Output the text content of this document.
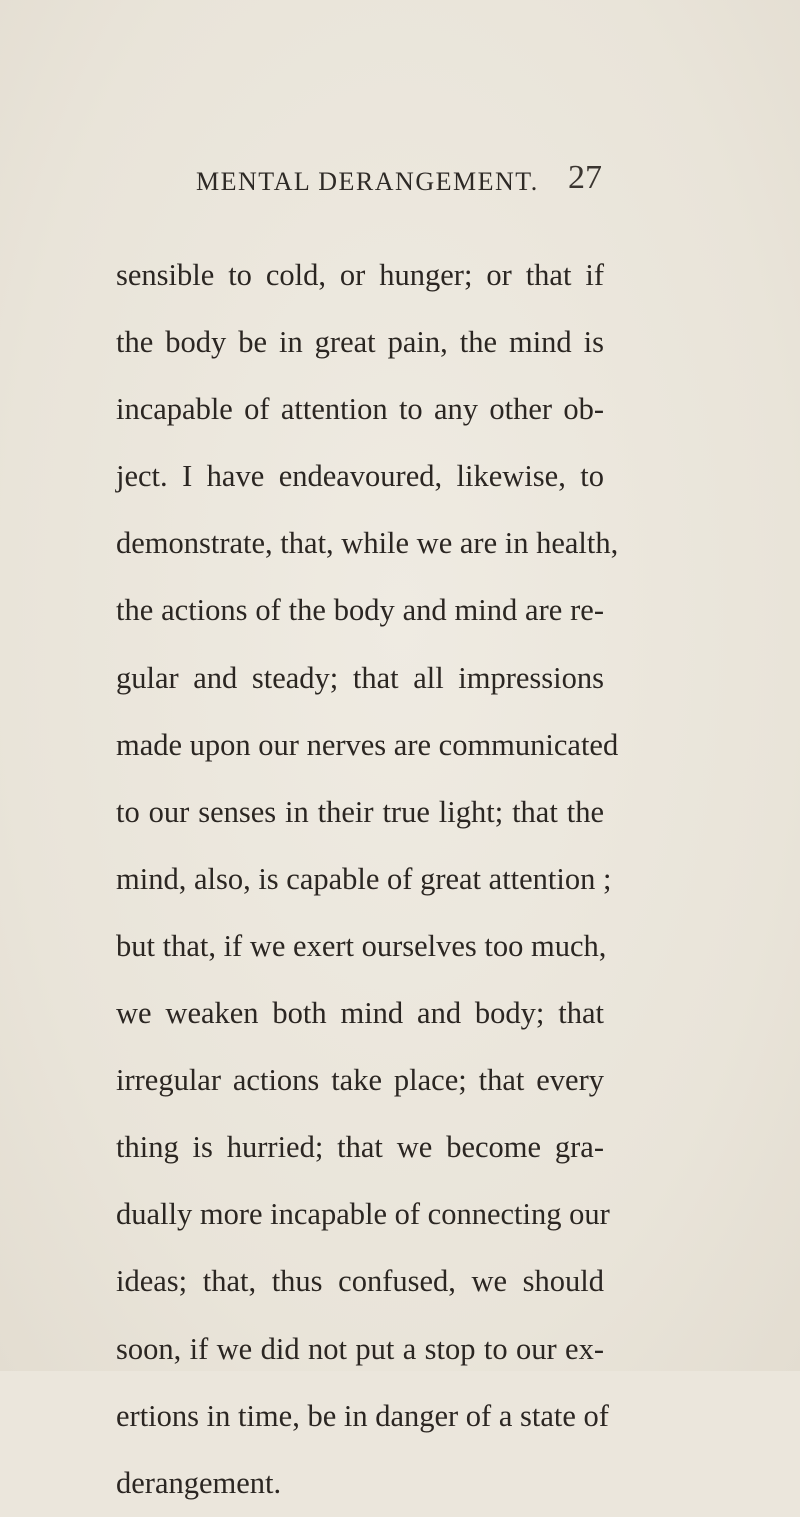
MENTAL DERANGEMENT. 27
sensible to cold, or hunger; or that if
the body be in great pain, the mind is
incapable of attention to any other ob-
ject. I have endeavoured, likewise, to
demonstrate, that, while we are in health,
the actions of the body and mind are re-
gular and steady; that all impressions
made upon our nerves are communicated
to our senses in their true light; that the
mind, also, is capable of great attention ;
but that, if we exert ourselves too much,
we weaken both mind and body; that
irregular actions take place; that every
thing is hurried; that we become gra-
dually more incapable of connecting our
ideas; that, thus confused, we should
soon, if we did not put a stop to our ex-
ertions in time, be in danger of a state of
derangement.
